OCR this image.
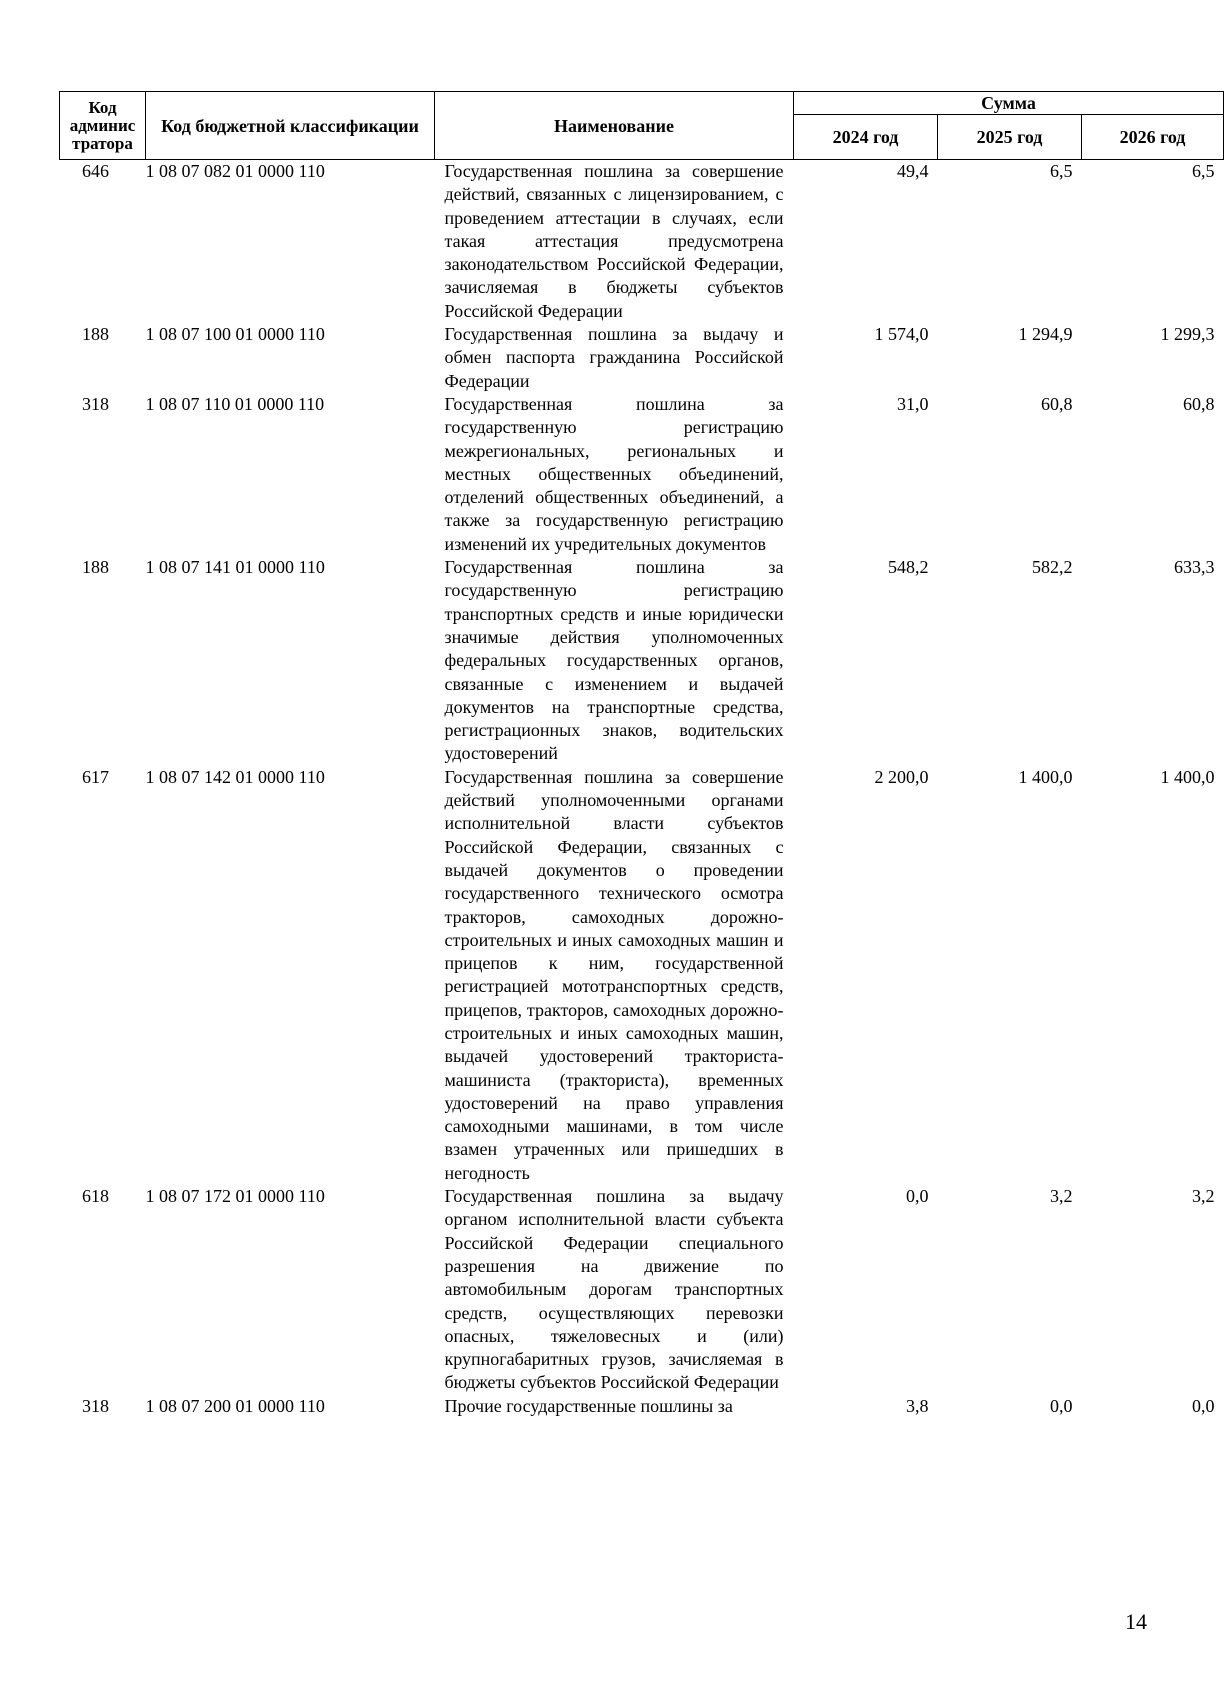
Код админис тратора	Код бюджетной классификации	Наименование	Сумма		
			2024 год	2025 год	2026 год
646	1 08 07 082 01 0000 110	Государственная пошлина за совершение действий, связанных с лицензированием, с проведением аттестации в случаях, если такая аттестация предусмотрена законодательством Российской Федерации, зачисляемая в бюджеты субъектов Российской Федерации	49,4	6,5	6,5
188	1 08 07 100 01 0000 110	Государственная пошлина за выдачу и обмен паспорта гражданина Российской Федерации	1 574,0	1 294,9	1 299,3
318	1 08 07 110 01 0000 110	Государственная пошлина за государственную регистрацию межрегиональных, региональных и местных общественных объединений, отделений общественных объединений, а также за государственную регистрацию изменений их учредительных документов	31,0	60,8	60,8
188	1 08 07 141 01 0000 110	Государственная пошлина за государственную регистрацию транспортных средств и иные юридически значимые действия уполномоченных федеральных государственных органов, связанные с изменением и выдачей документов на транспортные средства, регистрационных знаков, водительских удостоверений	548,2	582,2	633,3
617	1 08 07 142 01 0000 110	Государственная пошлина за совершение действий уполномоченными органами исполнительной власти субъектов Российской Федерации, связанных с выдачей документов о проведении государственного технического осмотра тракторов, самоходных дорожно-строительных и иных самоходных машин и прицепов к ним, государственной регистрацией мототранспортных средств, прицепов, тракторов, самоходных дорожно-строительных и иных самоходных машин, выдачей удостоверений тракториста-машиниста (тракториста), временных удостоверений на право управления самоходными машинами, в том числе взамен утраченных или пришедших в негодность	2 200,0	1 400,0	1 400,0
618	1 08 07 172 01 0000 110	Государственная пошлина за выдачу органом исполнительной власти субъекта Российской Федерации специального разрешения на движение по автомобильным дорогам транспортных средств, осуществляющих перевозки опасных, тяжеловесных и (или) крупногабаритных грузов, зачисляемая в бюджеты субъектов Российской Федерации	0,0	3,2	3,2
318	1 08 07 200 01 0000 110	Прочие государственные пошлины за	3,8	0,0	0,0
14
